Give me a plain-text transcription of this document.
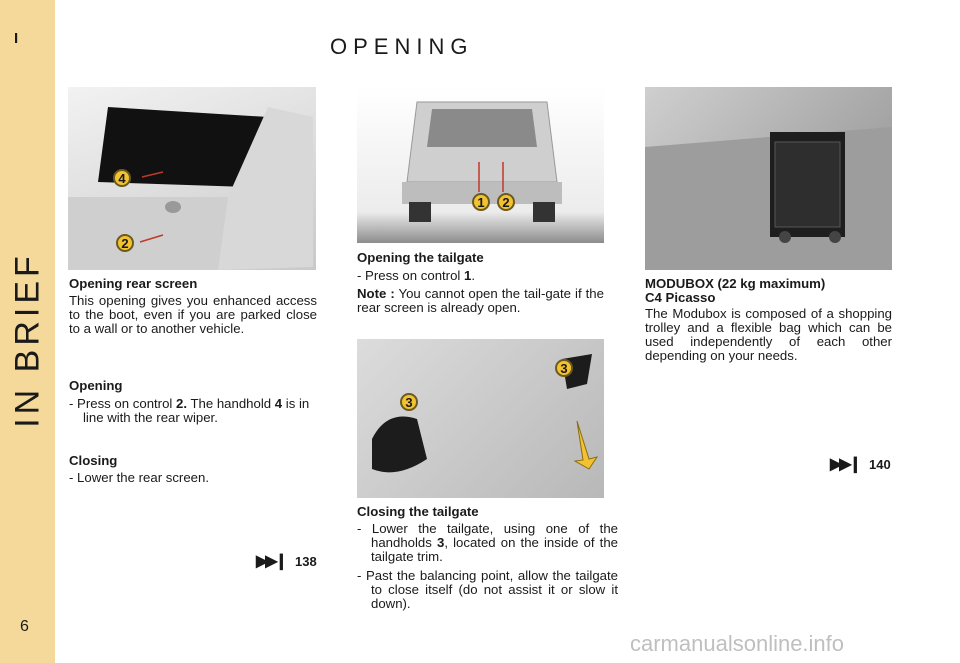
I
IN BRIEF
6
OPENING
4
2
Opening rear screen
This opening gives you enhanced access to the boot, even if you are parked close to a wall or to another vehicle.
Opening
- Press on control 2. The handhold 4 is in line with the rear wiper.
Closing
- Lower the rear screen.
▶▶❙ 138
1	2
Opening the tailgate
- Press on control 1.
Note : You cannot open the tail-gate if the rear screen is already open.
3
3
Closing the tailgate
- Lower the tailgate, using one of the handholds 3, located on the inside of the tailgate trim.
- Past the balancing point, allow the tailgate to close itself (do not assist it or slow it down).
MODUBOX (22 kg maximum)
C4 Picasso
The Modubox is composed of a shopping trolley and a flexible bag which can be used independently of each other depending on your needs.
▶▶❙ 140
carmanualsonline.info
